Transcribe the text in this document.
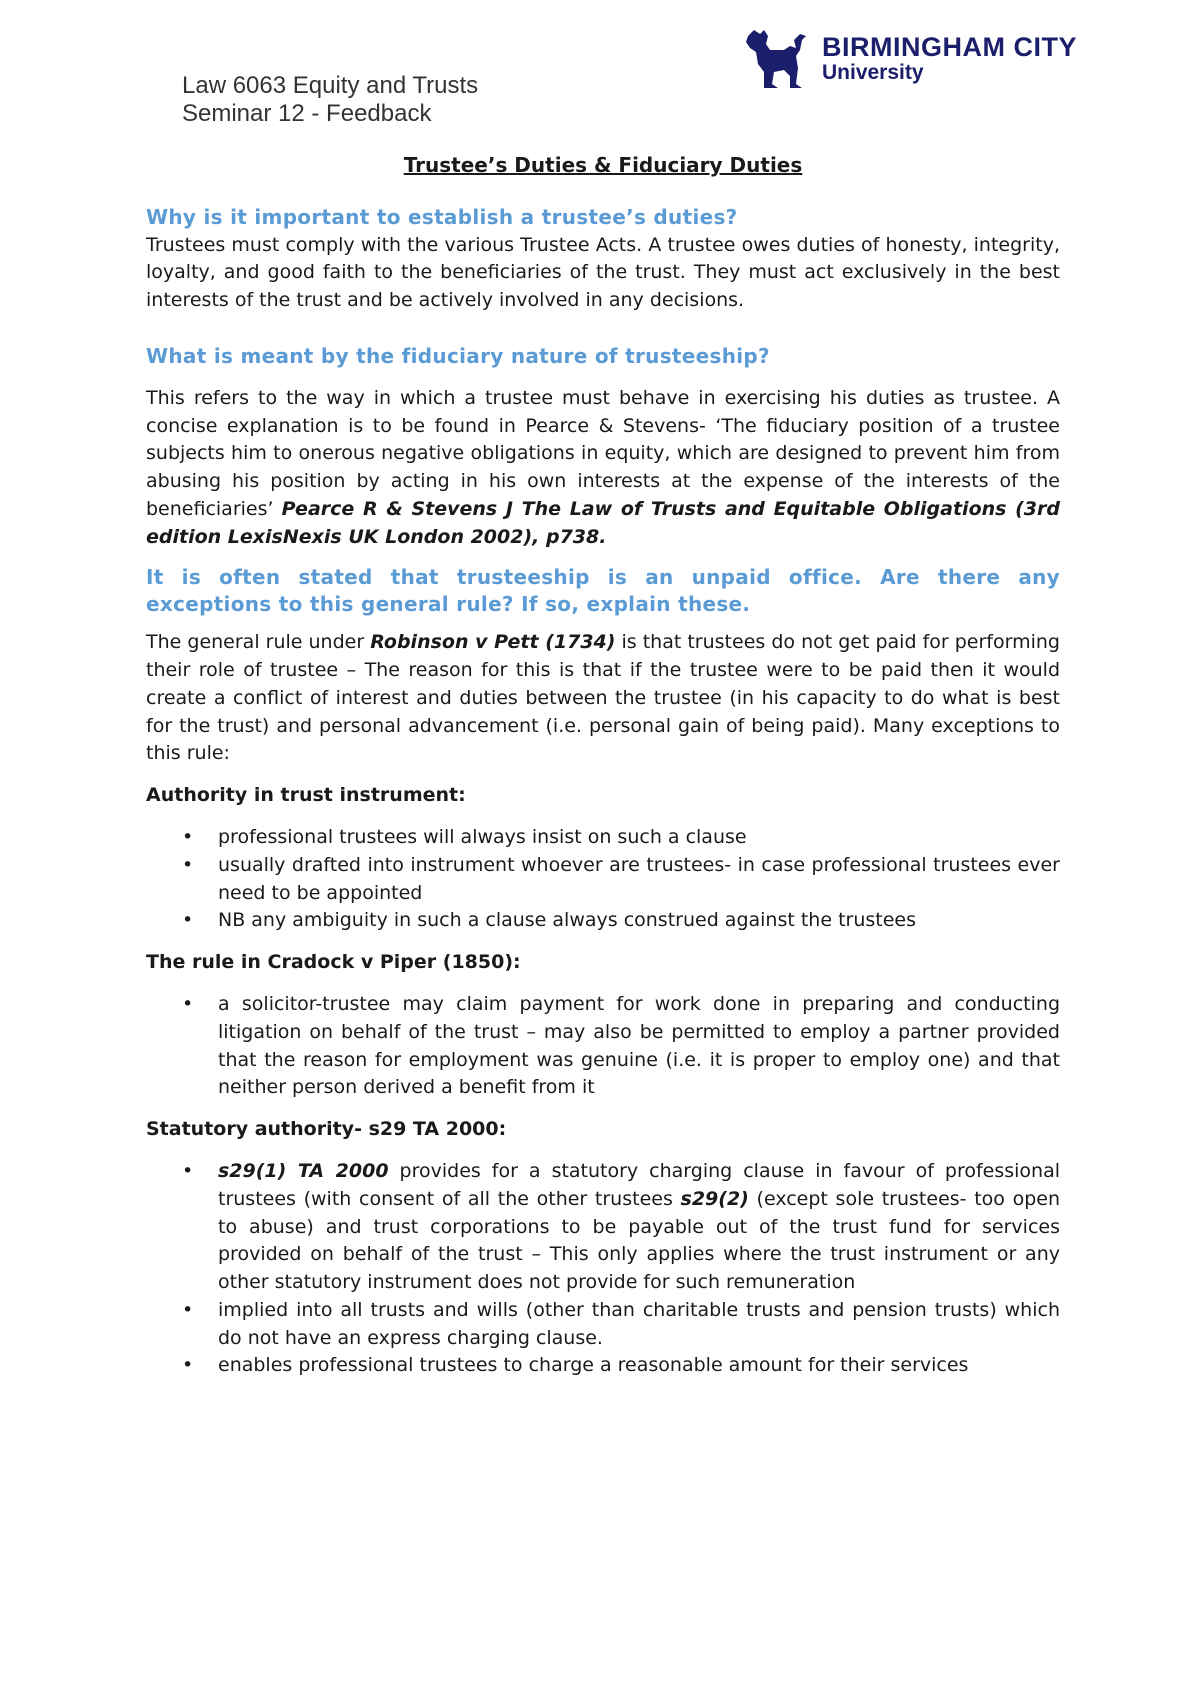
Law 6063 Equity and Trusts
Seminar 12 - Feedback
BIRMINGHAM CITY
University
Trustee’s Duties & Fiduciary Duties
Why is it important to establish a trustee’s duties?

Trustees must comply with the various Trustee Acts. A trustee owes duties of honesty, integrity, loyalty, and good faith to the beneficiaries of the trust. They must act exclusively in the best interests of the trust and be actively involved in any decisions.

What is meant by the fiduciary nature of trusteeship?

This refers to the way in which a trustee must behave in exercising his duties as trustee. A concise explanation is to be found in Pearce & Stevens- ‘The fiduciary position of a trustee subjects him to onerous negative obligations in equity, which are designed to prevent him from abusing his position by acting in his own interests at the expense of the interests of the beneficiaries’ Pearce R & Stevens J The Law of Trusts and Equitable Obligations (3rd edition LexisNexis UK London 2002), p738.

It is often stated that trusteeship is an unpaid office. Are there any exceptions to this general rule? If so, explain these.

The general rule under Robinson v Pett (1734) is that trustees do not get paid for performing their role of trustee – The reason for this is that if the trustee were to be paid then it would create a conflict of interest and duties between the trustee (in his capacity to do what is best for the trust) and personal advancement (i.e. personal gain of being paid). Many exceptions to this rule:

Authority in trust instrument:
• professional trustees will always insist on such a clause
• usually drafted into instrument whoever are trustees- in case professional trustees ever need to be appointed
• NB any ambiguity in such a clause always construed against the trustees
The rule in Cradock v Piper (1850):
• a solicitor-trustee may claim payment for work done in preparing and conducting litigation on behalf of the trust – may also be permitted to employ a partner provided that the reason for employment was genuine (i.e. it is proper to employ one) and that neither person derived a benefit from it
Statutory authority- s29 TA 2000:
• s29(1) TA 2000 provides for a statutory charging clause in favour of professional trustees (with consent of all the other trustees s29(2) (except sole trustees- too open to abuse) and trust corporations to be payable out of the trust fund for services provided on behalf of the trust – This only applies where the trust instrument or any other statutory instrument does not provide for such remuneration
• implied into all trusts and wills (other than charitable trusts and pension trusts) which do not have an express charging clause.
• enables professional trustees to charge a reasonable amount for their services
